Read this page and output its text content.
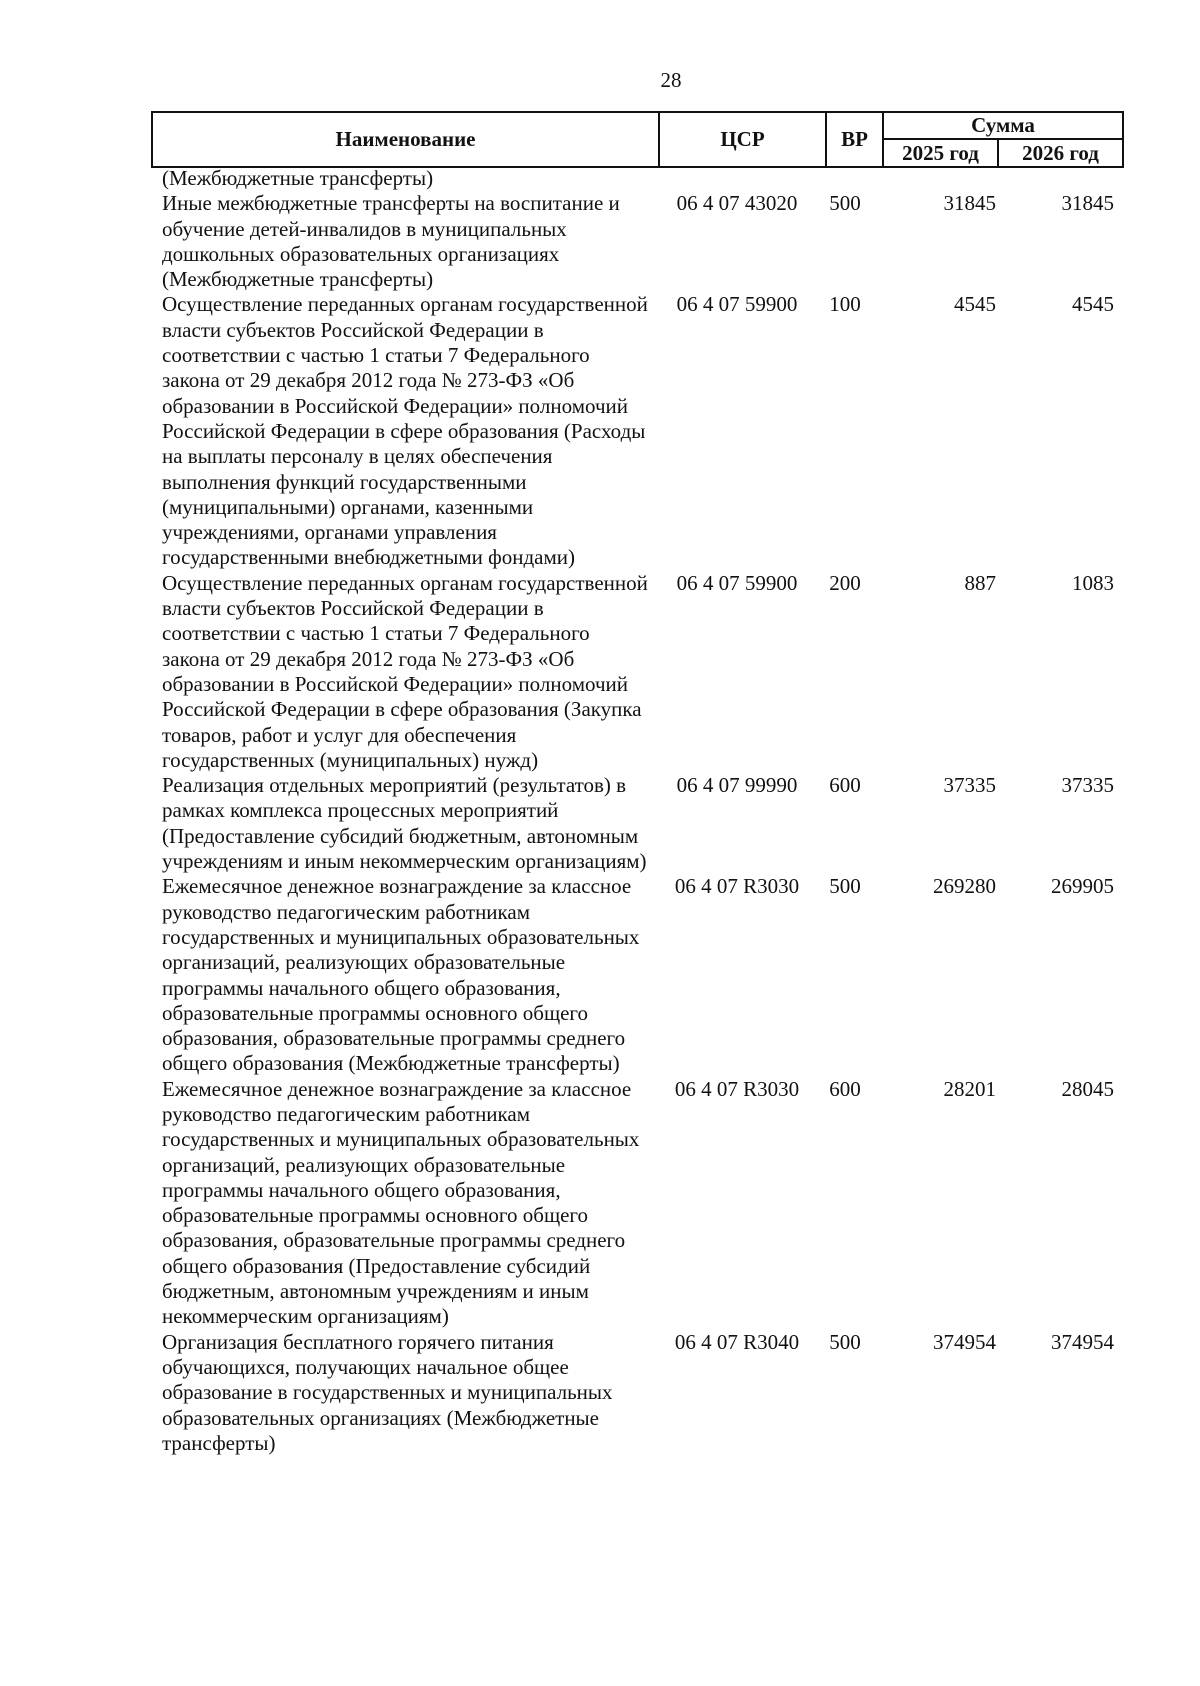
28
Наименование	ЦСР	ВР
Сумма
2025 год	2026 год
(Межбюджетные трансферты)
Иные межбюджетные трансферты на воспитание и обучение детей-инвалидов в муниципальных дошкольных образовательных организациях (Межбюджетные трансферты)
06 4 07 43020	500	31845	31845
Осуществление переданных органам государственной власти субъектов Российской Федерации в соответствии с частью 1 статьи 7 Федерального закона от 29 декабря 2012 года № 273-ФЗ «Об образовании в Российской Федерации» полномочий Российской Федерации в сфере образования (Расходы на выплаты персоналу в целях обеспечения выполнения функций государственными (муниципальными) органами, казенными учреждениями, органами управления государственными внебюджетными фондами)
06 4 07 59900	100	4545	4545
Осуществление переданных органам государственной власти субъектов Российской Федерации в соответствии с частью 1 статьи 7 Федерального закона от 29 декабря 2012 года № 273-ФЗ «Об образовании в Российской Федерации» полномочий Российской Федерации в сфере образования (Закупка товаров, работ и услуг для обеспечения государственных (муниципальных) нужд)
06 4 07 59900	200	887	1083
Реализация отдельных мероприятий (результатов) в рамках комплекса процессных мероприятий (Предоставление субсидий бюджетным, автономным учреждениям и иным некоммерческим организациям)
06 4 07 99990	600	37335	37335
Ежемесячное денежное вознаграждение за классное руководство педагогическим работникам государственных и муниципальных образовательных организаций, реализующих образовательные программы начального общего образования, образовательные программы основного общего образования, образовательные программы среднего общего образования (Межбюджетные трансферты)
06 4 07 R3030	500	269280	269905
Ежемесячное денежное вознаграждение за классное руководство педагогическим работникам государственных и муниципальных образовательных организаций, реализующих образовательные программы начального общего образования, образовательные программы основного общего образования, образовательные программы среднего общего образования (Предоставление субсидий бюджетным, автономным учреждениям и иным некоммерческим организациям)
06 4 07 R3030	600	28201	28045
Организация бесплатного горячего питания обучающихся, получающих начальное общее образование в государственных и муниципальных образовательных организациях (Межбюджетные трансферты)
06 4 07 R3040	500	374954	374954
